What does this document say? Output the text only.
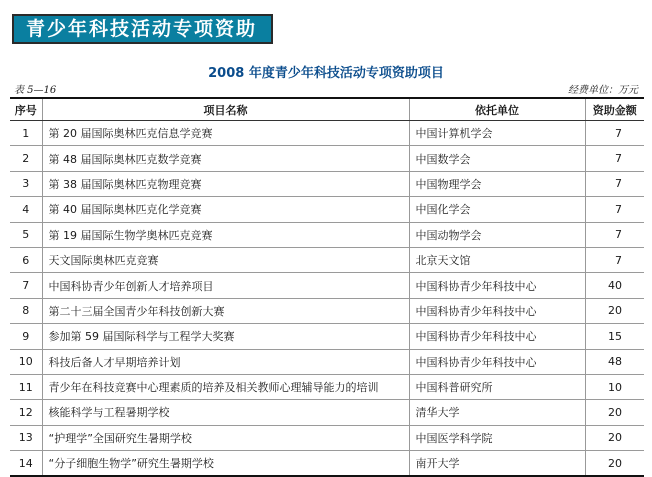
青少年科技活动专项资助
2008 年度青少年科技活动专项资助项目
表 5—16	经费单位：万元
序号	项目名称	依托单位	资助金额
1	第 20 届国际奥林匹克信息学竞赛	中国计算机学会	7
2	第 48 届国际奥林匹克数学竞赛	中国数学会	7
3	第 38 届国际奥林匹克物理竞赛	中国物理学会	7
4	第 40 届国际奥林匹克化学竞赛	中国化学会	7
5	第 19 届国际生物学奥林匹克竞赛	中国动物学会	7
6	天文国际奥林匹克竞赛	北京天文馆	7
7	中国科协青少年创新人才培养项目	中国科协青少年科技中心	40
8	第二十三届全国青少年科技创新大赛	中国科协青少年科技中心	20
9	参加第 59 届国际科学与工程学大奖赛	中国科协青少年科技中心	15
10	科技后备人才早期培养计划	中国科协青少年科技中心	48
11	青少年在科技竞赛中心理素质的培养及相关教师心理辅导能力的培训	中国科普研究所	10
12	核能科学与工程暑期学校	清华大学	20
13	“护理学”全国研究生暑期学校	中国医学科学院	20
14	“分子细胞生物学”研究生暑期学校	南开大学	20
